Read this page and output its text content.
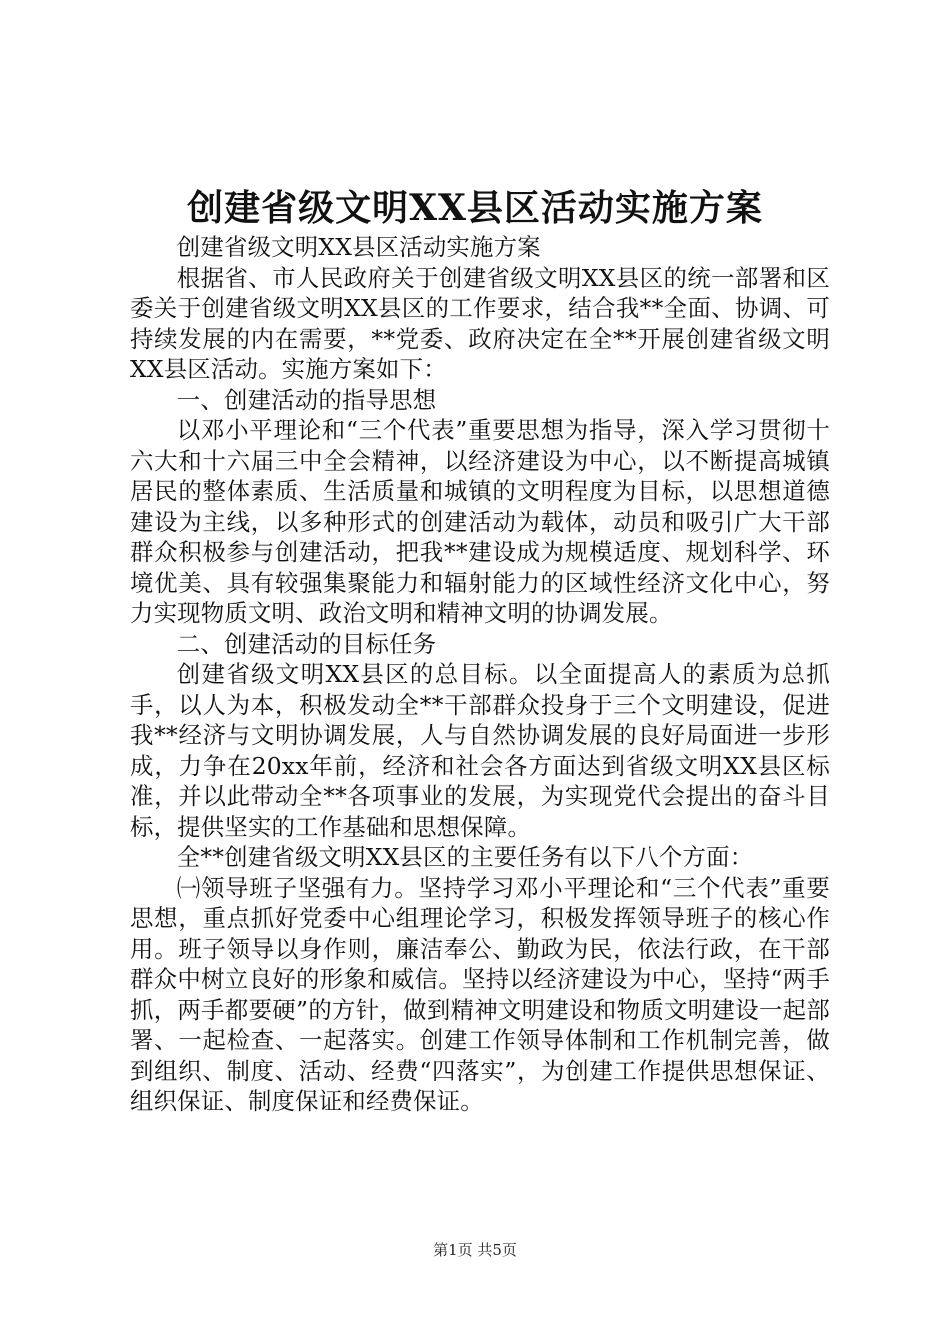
创建省级文明XX县区活动实施方案

创建省级文明XX县区活动实施方案

根据省、市人民政府关于创建省级文明XX县区的统一部署和区委关于创建省级文明XX县区的工作要求，结合我**全面、协调、可持续发展的内在需要，**党委、政府决定在全**开展创建省级文明XX县区活动。实施方案如下：

一、创建活动的指导思想

以邓小平理论和“三个代表”重要思想为指导，深入学习贯彻十六大和十六届三中全会精神，以经济建设为中心，以不断提高城镇居民的整体素质、生活质量和城镇的文明程度为目标，以思想道德建设为主线，以多种形式的创建活动为载体，动员和吸引广大干部群众积极参与创建活动，把我**建设成为规模适度、规划科学、环境优美、具有较强集聚能力和辐射能力的区域性经济文化中心，努力实现物质文明、政治文明和精神文明的协调发展。

二、创建活动的目标任务

创建省级文明XX县区的总目标。以全面提高人的素质为总抓手，以人为本，积极发动全**干部群众投身于三个文明建设，促进我**经济与文明协调发展，人与自然协调发展的良好局面进一步形成，力争在20xx年前，经济和社会各方面达到省级文明XX县区标准，并以此带动全**各项事业的发展，为实现党代会提出的奋斗目标，提供坚实的工作基础和思想保障。

全**创建省级文明XX县区的主要任务有以下八个方面：

㈠领导班子坚强有力。坚持学习邓小平理论和“三个代表”重要思想，重点抓好党委中心组理论学习，积极发挥领导班子的核心作用。班子领导以身作则，廉洁奉公、勤政为民，依法行政，在干部群众中树立良好的形象和威信。坚持以经济建设为中心，坚持“两手抓，两手都要硬”的方针，做到精神文明建设和物质文明建设一起部署、一起检查、一起落实。创建工作领导体制和工作机制完善，做到组织、制度、活动、经费“四落实”，为创建工作提供思想保证、组织保证、制度保证和经费保证。

第1页 共5页
